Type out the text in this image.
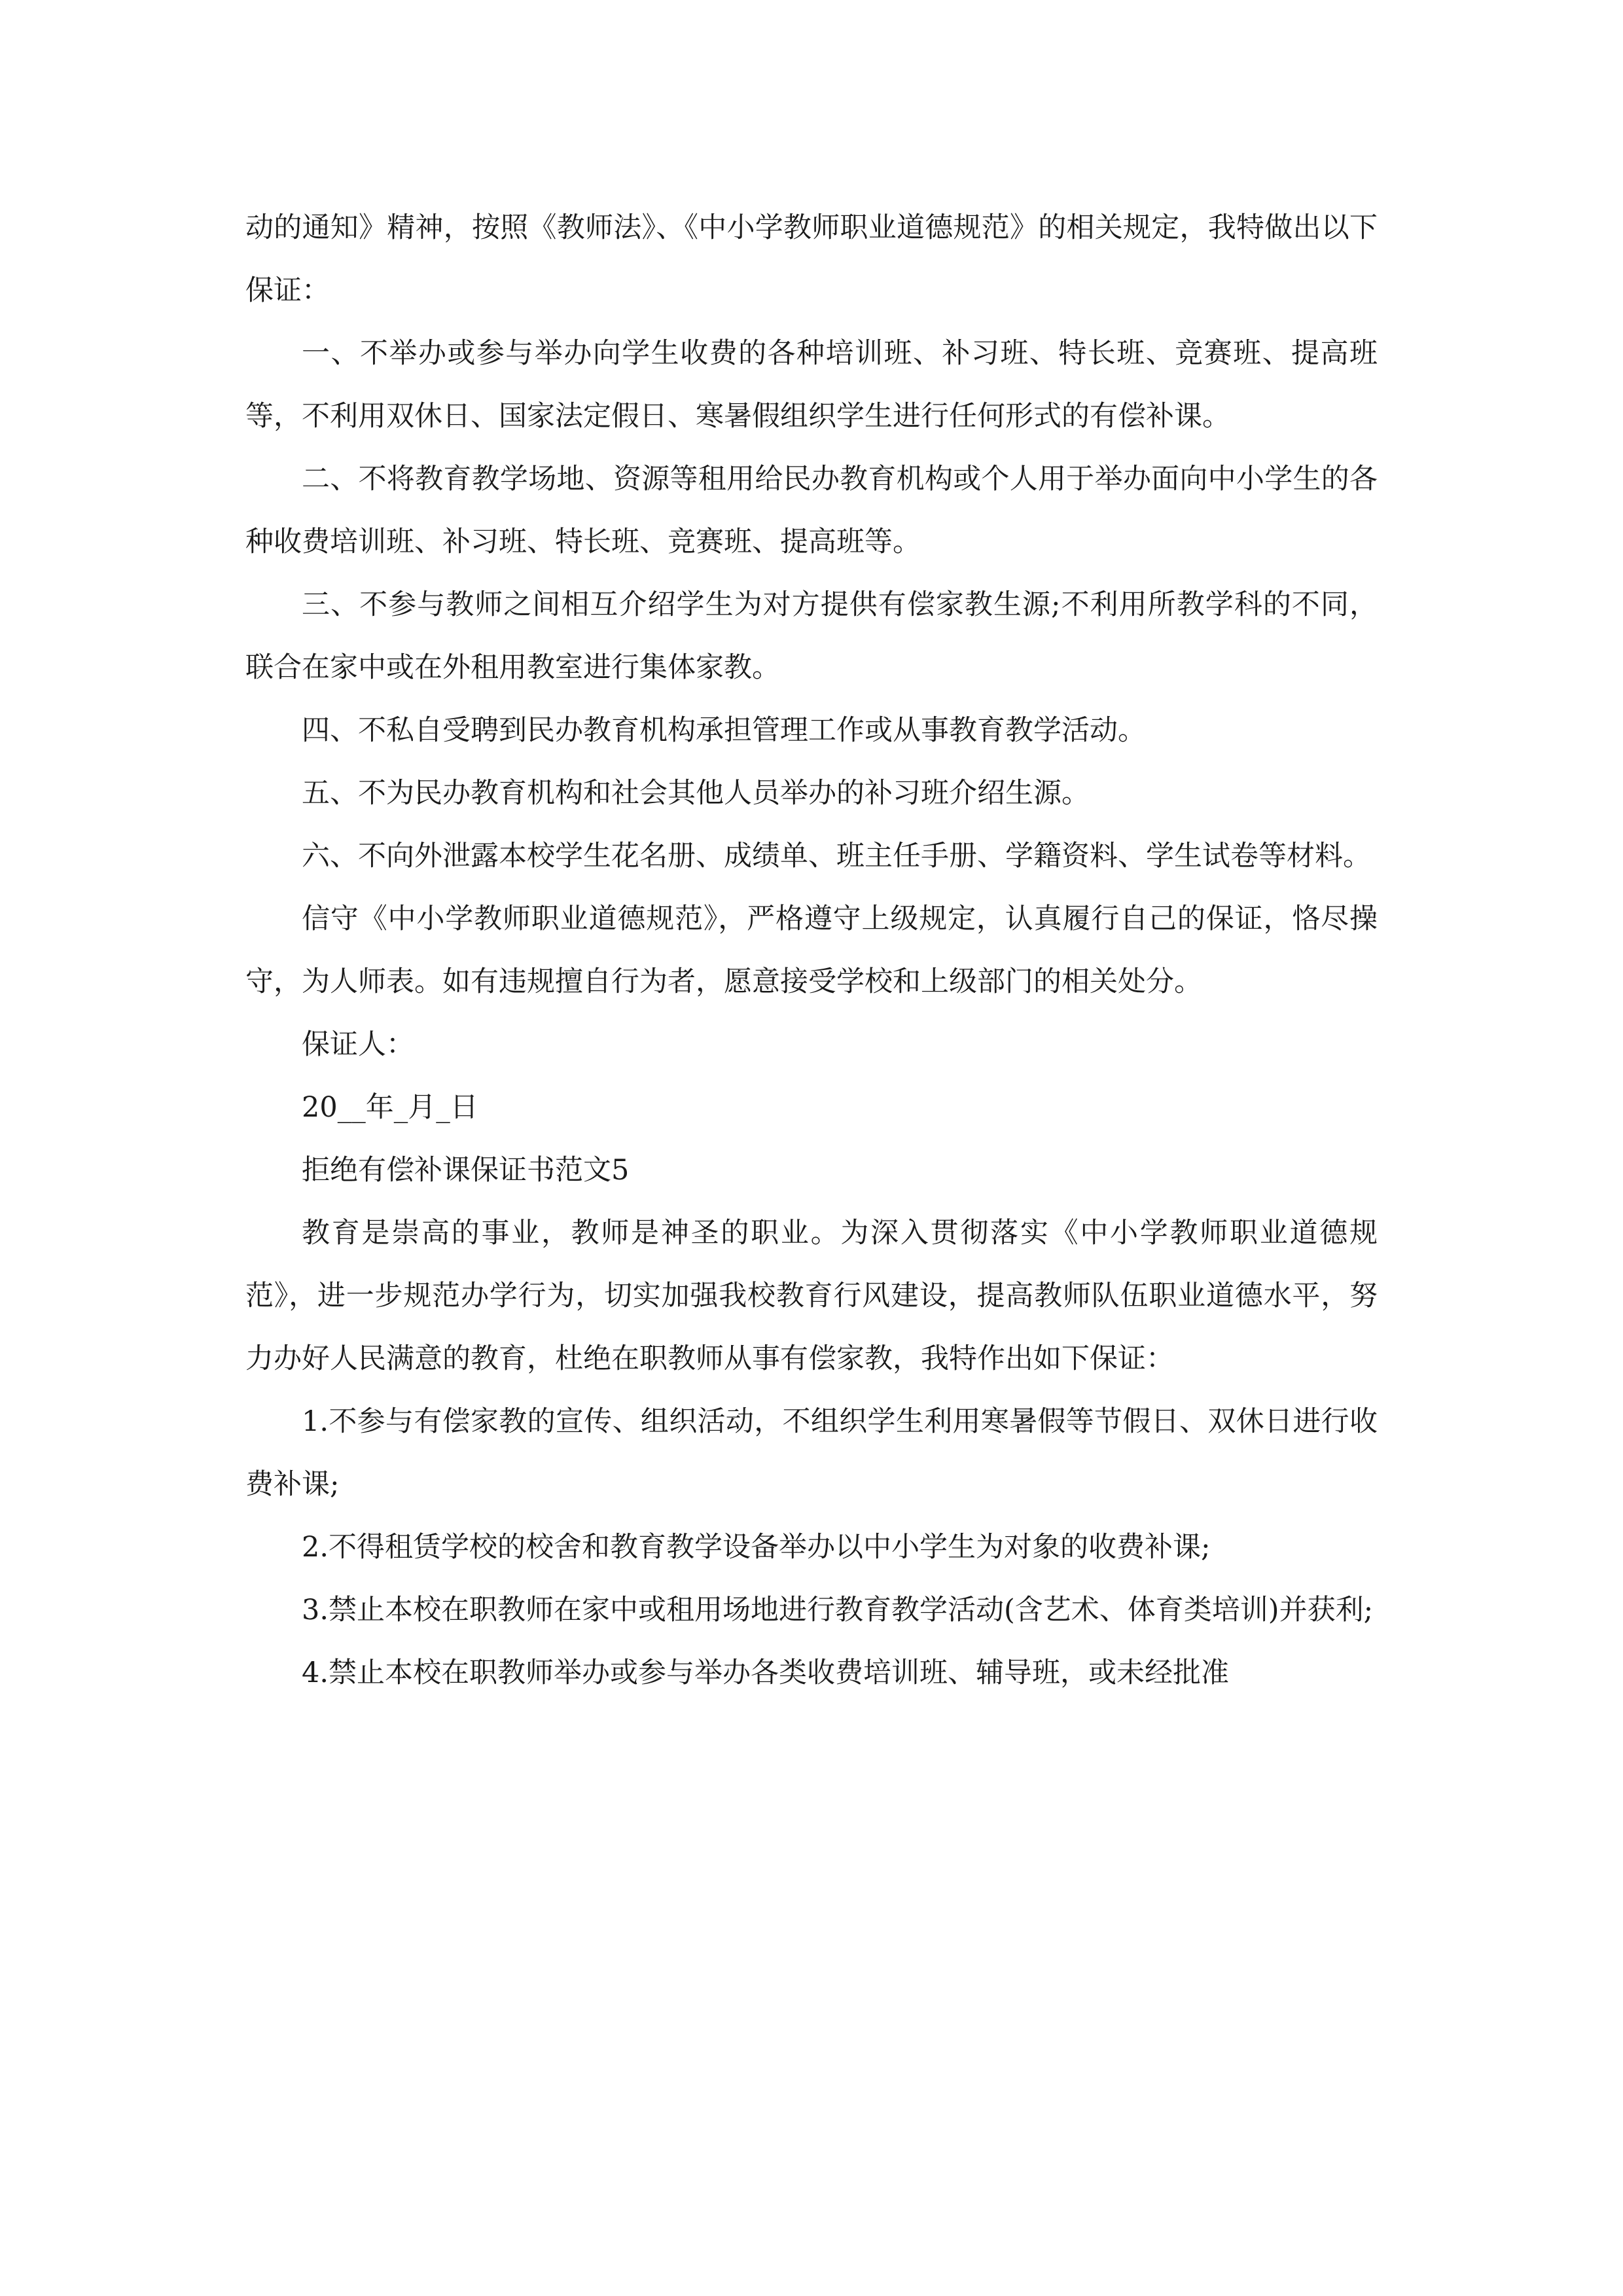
动的通知》精神，按照《教师法》、《中小学教师职业道德规范》的相关规定，我特做出以下保证：

一、不举办或参与举办向学生收费的各种培训班、补习班、特长班、竞赛班、提高班等，不利用双休日、国家法定假日、寒暑假组织学生进行任何形式的有偿补课。

二、不将教育教学场地、资源等租用给民办教育机构或个人用于举办面向中小学生的各种收费培训班、补习班、特长班、竞赛班、提高班等。

三、不参与教师之间相互介绍学生为对方提供有偿家教生源;不利用所教学科的不同，联合在家中或在外租用教室进行集体家教。

四、不私自受聘到民办教育机构承担管理工作或从事教育教学活动。

五、不为民办教育机构和社会其他人员举办的补习班介绍生源。

六、不向外泄露本校学生花名册、成绩单、班主任手册、学籍资料、学生试卷等材料。

信守《中小学教师职业道德规范》，严格遵守上级规定，认真履行自己的保证，恪尽操守，为人师表。如有违规擅自行为者，愿意接受学校和上级部门的相关处分。

保证人：

20__年_月_日

拒绝有偿补课保证书范文5

教育是崇高的事业，教师是神圣的职业。为深入贯彻落实《中小学教师职业道德规范》，进一步规范办学行为，切实加强我校教育行风建设，提高教师队伍职业道德水平，努力办好人民满意的教育，杜绝在职教师从事有偿家教，我特作出如下保证：

1.不参与有偿家教的宣传、组织活动，不组织学生利用寒暑假等节假日、双休日进行收费补课;

2.不得租赁学校的校舍和教育教学设备举办以中小学生为对象的收费补课;

3.禁止本校在职教师在家中或租用场地进行教育教学活动(含艺术、体育类培训)并获利;

4.禁止本校在职教师举办或参与举办各类收费培训班、辅导班，或未经批准
